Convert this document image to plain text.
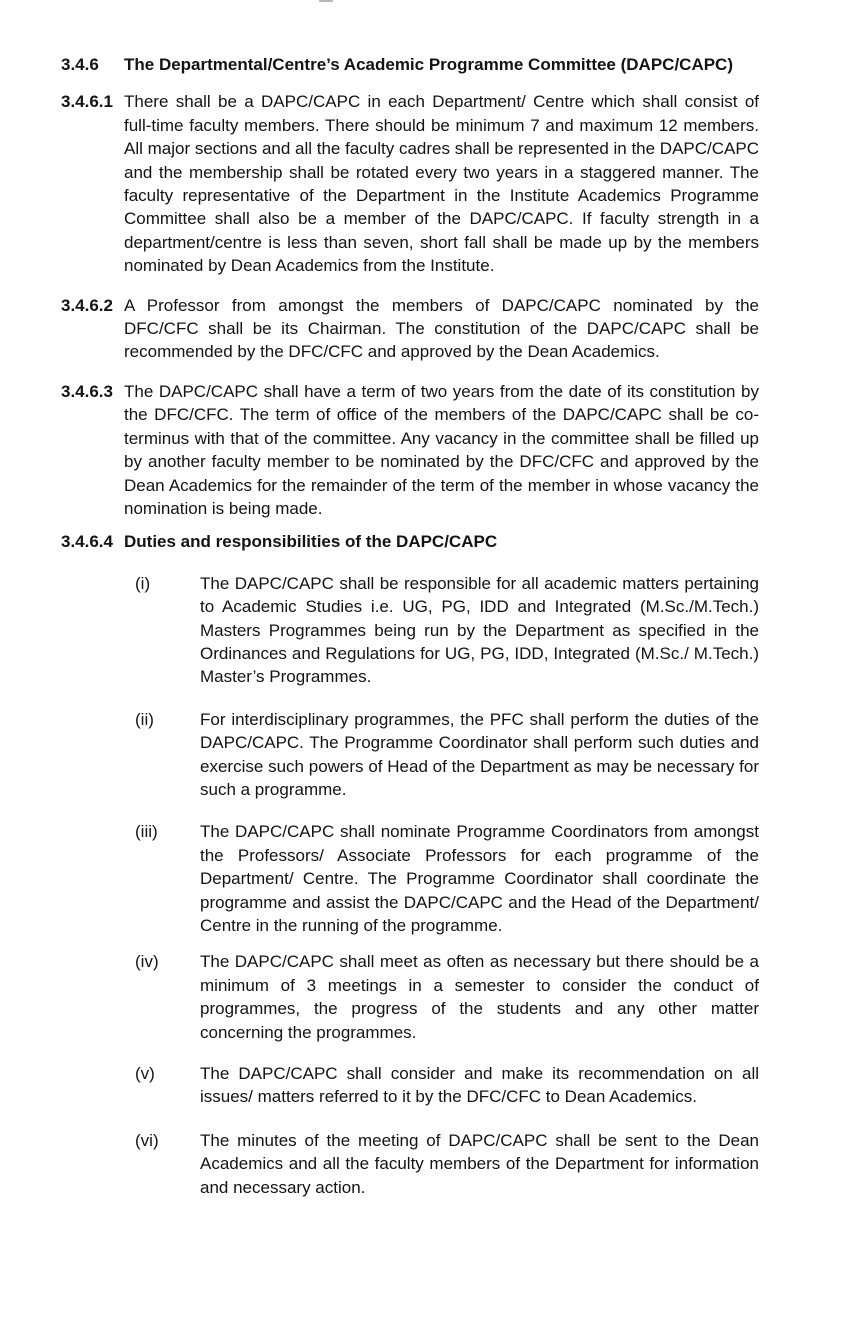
3.4.6 The Departmental/Centre’s Academic Programme Committee (DAPC/CAPC)
3.4.6.1 There shall be a DAPC/CAPC in each Department/ Centre which shall consist of full-time faculty members. There should be minimum 7 and maximum 12 members. All major sections and all the faculty cadres shall be represented in the DAPC/CAPC and the membership shall be rotated every two years in a staggered manner. The faculty representative of the Department in the Institute Academics Programme Committee shall also be a member of the DAPC/CAPC. If faculty strength in a department/centre is less than seven, short fall shall be made up by the members nominated by Dean Academics from the Institute.
3.4.6.2 A Professor from amongst the members of DAPC/CAPC nominated by the DFC/CFC shall be its Chairman. The constitution of the DAPC/CAPC shall be recommended by the DFC/CFC and approved by the Dean Academics.
3.4.6.3 The DAPC/CAPC shall have a term of two years from the date of its constitution by the DFC/CFC. The term of office of the members of the DAPC/CAPC shall be co-terminus with that of the committee. Any vacancy in the committee shall be filled up by another faculty member to be nominated by the DFC/CFC and approved by the Dean Academics for the remainder of the term of the member in whose vacancy the nomination is being made.
3.4.6.4 Duties and responsibilities of the DAPC/CAPC
(i)	The DAPC/CAPC shall be responsible for all academic matters pertaining to Academic Studies i.e. UG, PG, IDD and Integrated (M.Sc./M.Tech.) Masters Programmes being run by the Department as specified in the Ordinances and Regulations for UG, PG, IDD, Integrated (M.Sc./ M.Tech.) Master’s Programmes.
(ii)	For interdisciplinary programmes, the PFC shall perform the duties of the DAPC/CAPC. The Programme Coordinator shall perform such duties and exercise such powers of Head of the Department as may be necessary for such a programme.
(iii) The DAPC/CAPC shall nominate Programme Coordinators from amongst the Professors/ Associate Professors for each programme of the Department/ Centre. The Programme Coordinator shall coordinate the programme and assist the DAPC/CAPC and the Head of the Department/ Centre in the running of the programme.
(iv) The DAPC/CAPC shall meet as often as necessary but there should be a minimum of 3 meetings in a semester to consider the conduct of programmes, the progress of the students and any other matter concerning the programmes.
(v)	The DAPC/CAPC shall consider and make its recommendation on all issues/ matters referred to it by the DFC/CFC to Dean Academics.
(vi) The minutes of the meeting of DAPC/CAPC shall be sent to the Dean Academics and all the faculty members of the Department for information and necessary action.
